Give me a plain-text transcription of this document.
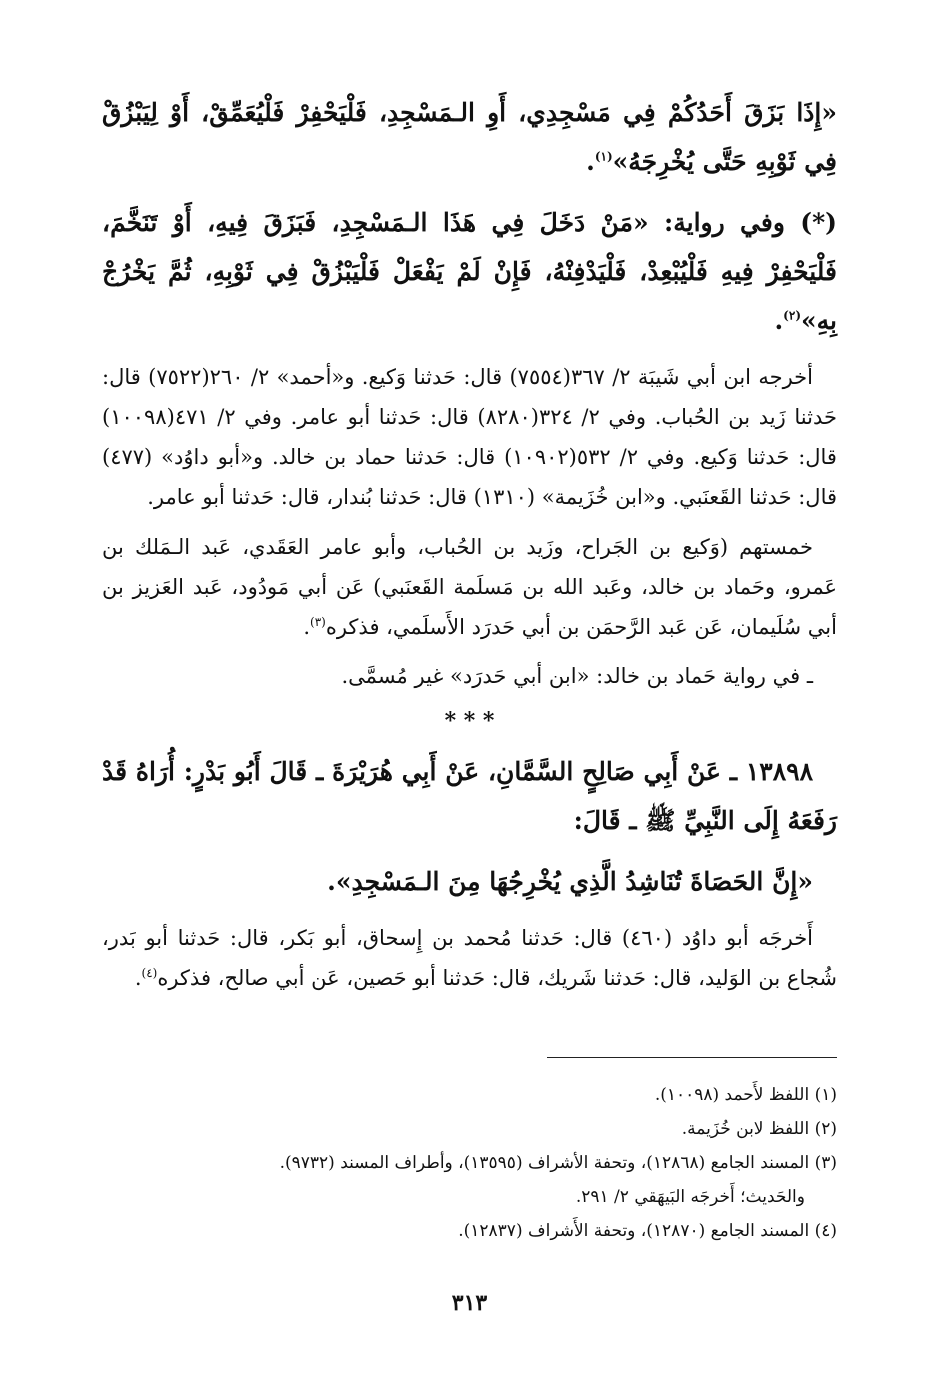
«إِذَا بَزَقَ أَحَدُكُمْ فِي مَسْجِدِي، أَوِ الـمَسْجِدِ، فَلْيَحْفِرْ فَلْيُعَمِّقْ، أَوْ لِيَبْزُقْ فِي ثَوْبِهِ حَتَّى يُخْرِجَهُ»$^{(١)}$.

(*) وفي رواية: «مَنْ دَخَلَ فِي هَذَا الـمَسْجِدِ، فَبَزَقَ فِيهِ، أَوْ تَنَخَّمَ، فَلْيَحْفِرْ فِيهِ فَلْيُبْعِدْ، فَلْيَدْفِنْهُ، فَإِنْ لَمْ يَفْعَلْ فَلْيَبْزُقْ فِي ثَوْبِهِ، ثُمَّ يَخْرُجْ بِهِ»$^{(٢)}$.

أخرجه ابن أبي شَيبَة ٢/ ٣٦٧(٧٥٥٤) قال: حَدثنا وَكيع. و«أحمد» ٢/ ٢٦٠(٧٥٢٢) قال: حَدثنا زَيد بن الحُباب. وفي ٢/ ٣٢٤(٨٢٨٠) قال: حَدثنا أبو عامر. وفي ٢/ ٤٧١(١٠٠٩٨) قال: حَدثنا وَكيع. وفي ٢/ ٥٣٢(١٠٩٠٢) قال: حَدثنا حماد بن خالد. و«أبو داوُد» (٤٧٧) قال: حَدثنا القَعنَبي. و«ابن خُزَيمة» (١٣١٠) قال: حَدثنا بُندار، قال: حَدثنا أبو عامر.

خمستهم (وَكيع بن الجَراح، وزَيد بن الحُباب، وأبو عامر العَقَدي، عَبد الـمَلك بن عَمرو، وحَماد بن خالد، وعَبد الله بن مَسلَمة القَعنَبي) عَن أبي مَودُود، عَبد العَزيز بن أبي سُلَيمان، عَن عَبد الرَّحمَن بن أبي حَدرَد الأَسلَمي، فذكره$^{(٣)}$.

ـ في رواية حَماد بن خالد: «ابن أبي حَدرَد» غير مُسمَّى.

* * *

١٣٨٩٨ ـ عَنْ أَبِي صَالِحٍ السَّمَّانِ، عَنْ أَبِي هُرَيْرَةَ ـ قَالَ أَبُو بَدْرٍ: أُرَاهُ قَدْ رَفَعَهُ إِلَى النَّبِيِّ ﷺ ـ قَالَ:

«إِنَّ الحَصَاةَ تُنَاشِدُ الَّذِي يُخْرِجُهَا مِنَ الـمَسْجِدِ».

أَخرجَه أبو داوُد (٤٦٠) قال: حَدثنا مُحمد بن إِسحاق، أبو بَكر، قال: حَدثنا أبو بَدر، شُجاع بن الوَليد، قال: حَدثنا شَريك، قال: حَدثنا أبو حَصين، عَن أبي صالح، فذكره$^{(٤)}$.

(١) اللفظ لأَحمد (١٠٠٩٨).

(٢) اللفظ لابن خُزَيمة.

(٣) المسند الجامع (١٢٨٦٨)، وتحفة الأشراف (١٣٥٩٥)، وأطراف المسند (٩٧٣٢).

والحَديث؛ أَخرجَه البَيهَقي ٢/ ٢٩١.

(٤) المسند الجامع (١٢٨٧٠)، وتحفة الأَشراف (١٢٨٣٧).

٣١٣
